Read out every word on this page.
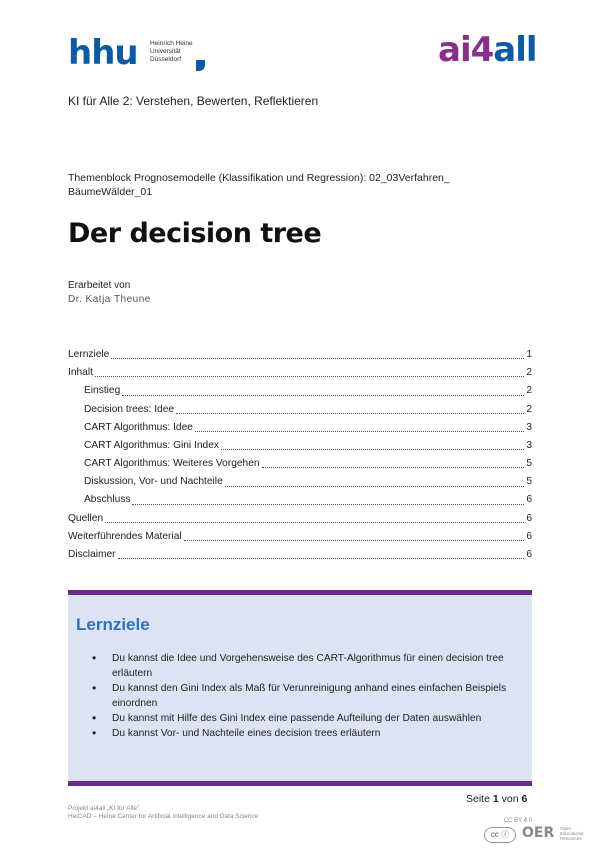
hhu Heinrich Heine
Universität
Düsseldorf	ai4all
KI für Alle 2: Verstehen, Bewerten, Reflektieren
Themenblock Prognosemodelle (Klassifikation und Regression): 02_03Verfahren_ BäumeWälder_01
Der decision tree
Erarbeitet von
Dr. Katja Theune
Lernziele	1
Inhalt	2
Einstieg	2
Decision trees: Idee	2
CART Algorithmus: Idee	3
CART Algorithmus: Gini Index	3
CART Algorithmus: Weiteres Vorgehen	5
Diskussion, Vor- und Nachteile	5
Abschluss	6
Quellen	6
Weiterführendes Material	6
Disclaimer	6
Lernziele
• Du kannst die Idee und Vorgehensweise des CART-Algorithmus für einen decision tree erläutern
• Du kannst den Gini Index als Maß für Verunreinigung anhand eines einfachen Beispiels einordnen
• Du kannst mit Hilfe des Gini Index eine passende Aufteilung der Daten auswählen
• Du kannst Vor- und Nachteile eines decision trees erläutern
Projekt ai4all „KI für Alle"
HeiCAD – Heine Center for Artificial Intelligence and Data Science
Seite 1 von 6
CC BY 4.0
cc ⓘ OER Open
Educational
Resources
